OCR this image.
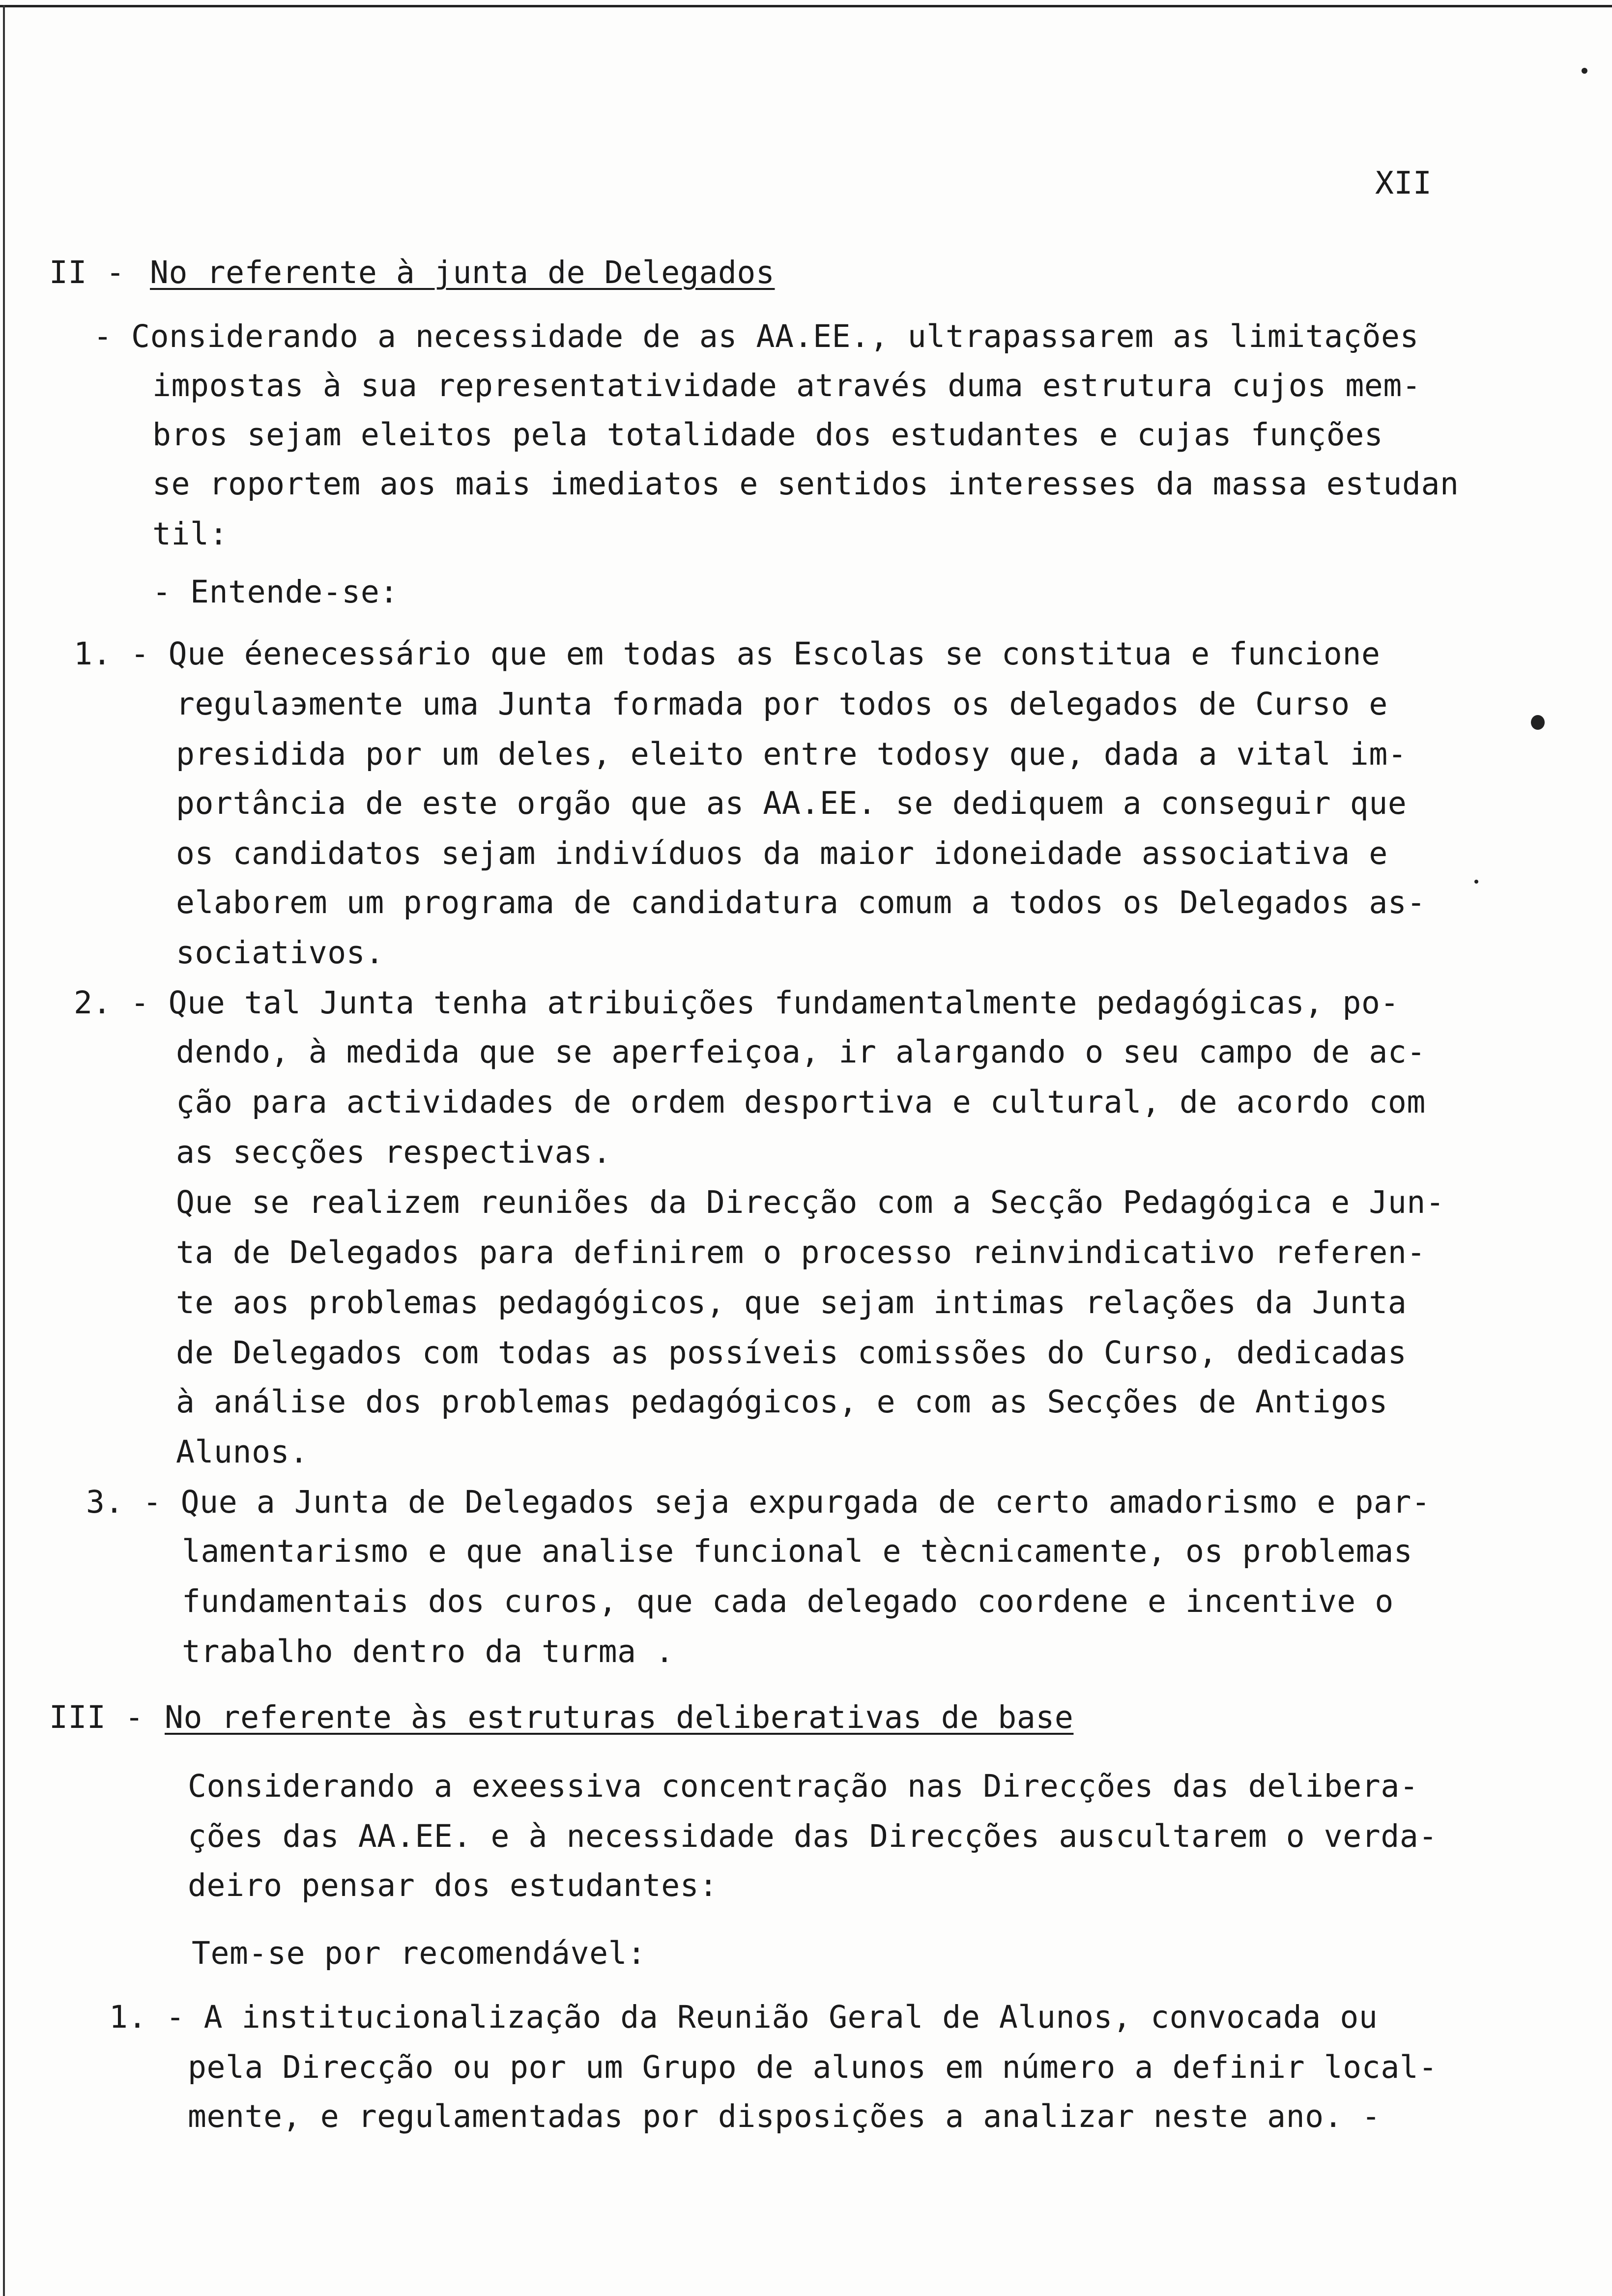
XII
II - No referente à junta de Delegados
- Considerando a necessidade de as AA.EE., ultrapassarem as limitações
impostas à sua representatividade através duma estrutura cujos mem-
bros sejam eleitos pela totalidade dos estudantes e cujas funções
se roportem aos mais imediatos e sentidos interesses da massa estudan
til:
- Entende-se:
1. - Que éenecessário que em todas as Escolas se constitua e funcione
regulaэmente uma Junta formada por todos os delegados de Curso e
presidida por um deles, eleito entre todosy que, dada a vital im-
portância de este orgão que as AA.EE. se dediquem a conseguir que
os candidatos sejam indivíduos da maior idoneidade associativa e
elaborem um programa de candidatura comum a todos os Delegados as-
sociativos.
2. - Que tal Junta tenha atribuições fundamentalmente pedagógicas, po-
dendo, à medida que se aperfeiçoa, ir alargando o seu campo de ac-
ção para actividades de ordem desportiva e cultural, de acordo com
as secções respectivas.
Que se realizem reuniões da Direcção com a Secção Pedagógica e Jun-
ta de Delegados para definirem o processo reinvindicativo referen-
te aos problemas pedagógicos, que sejam intimas relações da Junta
de Delegados com todas as possíveis comissões do Curso, dedicadas
à análise dos problemas pedagógicos, e com as Secções de Antigos
Alunos.
3. - Que a Junta de Delegados seja expurgada de certo amadorismo e par-
lamentarismo e que analise funcional e tècnicamente, os problemas
fundamentais dos curos, que cada delegado coordene e incentive o
trabalho dentro da turma .
III - No referente às estruturas deliberativas de base
Considerando a exeessiva concentração nas Direcções das delibera-
ções das AA.EE. e à necessidade das Direcções auscultarem o verda-
deiro pensar dos estudantes:
Tem-se por recomendável:
1. - A institucionalização da Reunião Geral de Alunos, convocada ou
pela Direcção ou por um Grupo de alunos em número a definir local-
mente, e regulamentadas por disposições a analizar neste ano. -
